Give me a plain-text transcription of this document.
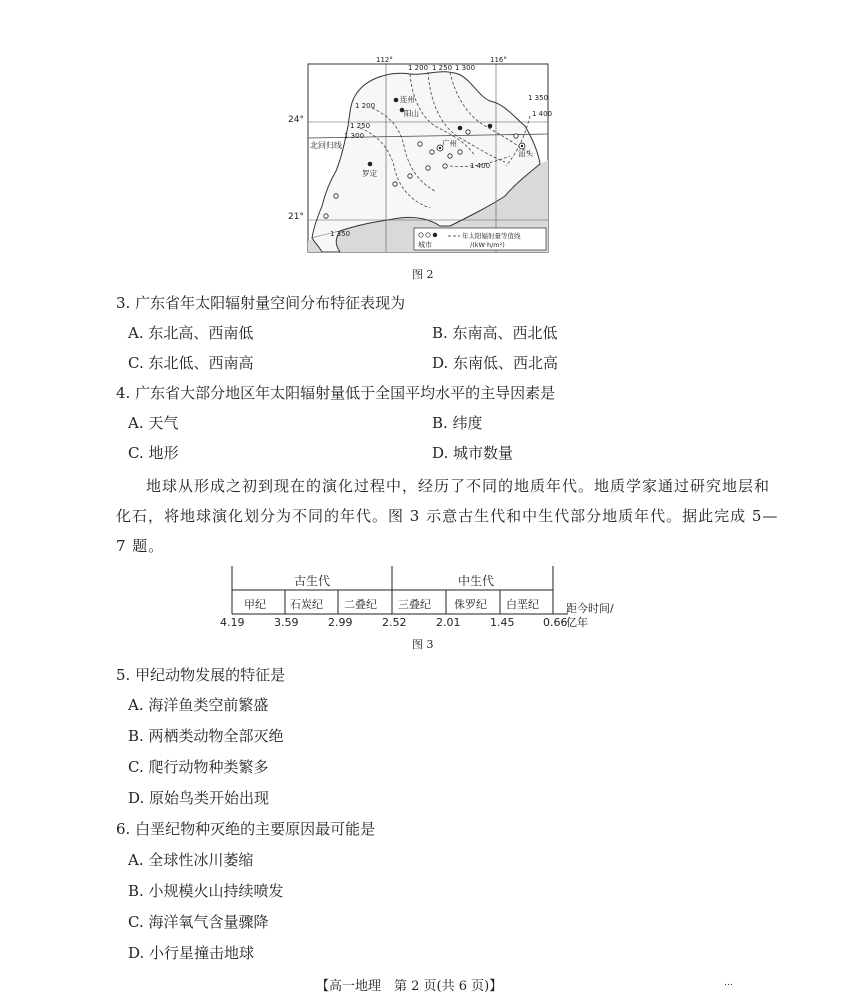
112°	116°
北回归线
1 200 1 250 1 300
1 350
1 400
1 200
1 250
1 300
1 400
1 350
连州
阳山
罗定
广州
汕头
城市
年太阳辐射量等值线
/(kW·h/m²)
24°
21°
图 2
3. 广东省年太阳辐射量空间分布特征表现为
A. 东北高、西南低	B. 东南高、西北低
C. 东北低、西南高	D. 东南低、西北高
4. 广东省大部分地区年太阳辐射量低于全国平均水平的主导因素是
A. 天气	B. 纬度
C. 地形	D. 城市数量
地球从形成之初到现在的演化过程中，经历了不同的地质年代。地质学家通过研究地层和
化石，将地球演化划分为不同的年代。图 3 示意古生代和中生代部分地质年代。据此完成 5—
7 题。
古生代	中生代
甲纪 石炭纪 二叠纪 三叠纪 侏罗纪 白垩纪
4.19	3.59	2.99	2.52	2.01	1.45	0.66
距今时间/
亿年
图 3
5. 甲纪动物发展的特征是
A. 海洋鱼类空前繁盛
B. 两栖类动物全部灭绝
C. 爬行动物种类繁多
D. 原始鸟类开始出现
6. 白垩纪物种灭绝的主要原因最可能是
A. 全球性冰川萎缩
B. 小规模火山持续喷发
C. 海洋氧气含量骤降
D. 小行星撞击地球
【高一地理　第 2 页(共 6 页)】	…
